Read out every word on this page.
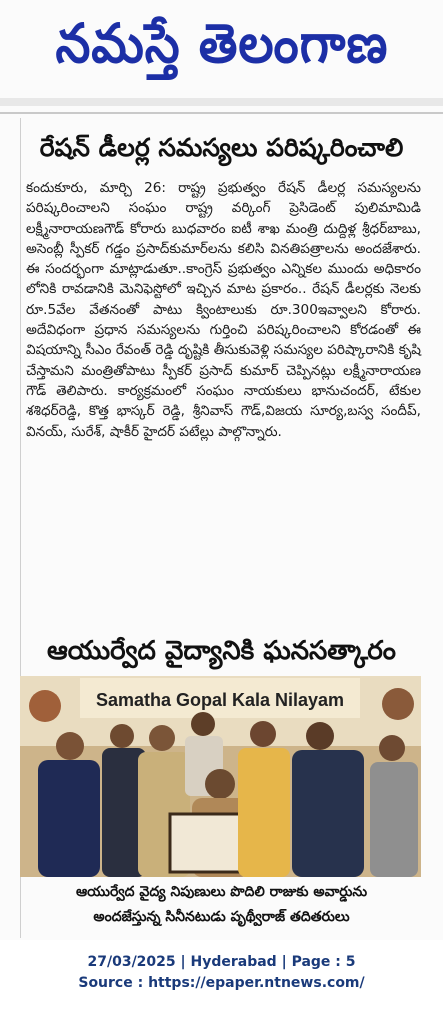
నమస్తే తెలంగాణ
రేషన్ డీలర్ల సమస్యలు పరిష్కరించాలి
కందుకూరు, మార్చి 26: రాష్ట్ర ప్రభుత్వం రేషన్ డీలర్ల సమస్యలను పరిష్కరించాలని సంఘం రాష్ట్ర వర్కింగ్ ప్రెసిడెంట్ పులిమామిడి లక్ష్మీనారాయణగౌడ్ కోరారు బుధవారం ఐటీ శాఖ మంత్రి దుద్దిళ్ల శ్రీధర్‌బాబు, అసెంబ్లీ స్పీకర్ గడ్డం ప్రసాద్‌కుమార్‌లను కలిసి వినతిపత్రాలను అందజేశారు. ఈ సందర్భంగా మాట్లాడుతూ..కాంగ్రెస్ ప్రభుత్వం ఎన్నికల ముందు అధికారం లోనికి రావడానికి మెనిఫెస్టోలో ఇచ్చిన మాట ప్రకారం.. రేషన్ డీలర్లకు నెలకు రూ.5వేల వేతనంతో పాటు క్వింటాలుకు రూ.300ఇవ్వాలని కోరారు. అదేవిధంగా ప్రధాన సమస్యలను గుర్తించి పరిష్కరించాలని కోరడంతో ఈ విషయాన్ని సీఎం రేవంత్ రెడ్డి దృష్టికి తీసుకువెళ్లి సమస్యల పరిష్కారానికి కృషి చేస్తామని మంత్రితోపాటు స్పీకర్ ప్రసాద్ కుమార్ చెప్పినట్లు లక్ష్మీనారాయణ గౌడ్ తెలిపారు. కార్యక్రమంలో సంఘం నాయకులు భానుచందర్, టేకుల శశిధర్‌రెడ్డి, కొత్త భాస్కర్ రెడ్డి, శ్రీనివాస్ గౌడ్,విజయ సూర్య,బస్వ సందీప్, వినయ్, సురేశ్, షాకీర్ హైదర్ పటేల్లు పాల్గొన్నారు.
ఆయుర్వేద వైద్యానికి ఘనసత్కారం
Samatha Gopal Kala Nilayam
ఆయుర్వేద వైద్య నిపుణులు పొదిలి రాజుకు అవార్డును
అందజేస్తున్న సినీనటుడు పృథ్వీరాజ్ తదితరులు
27/03/2025 | Hyderabad | Page : 5
Source : https://epaper.ntnews.com/
